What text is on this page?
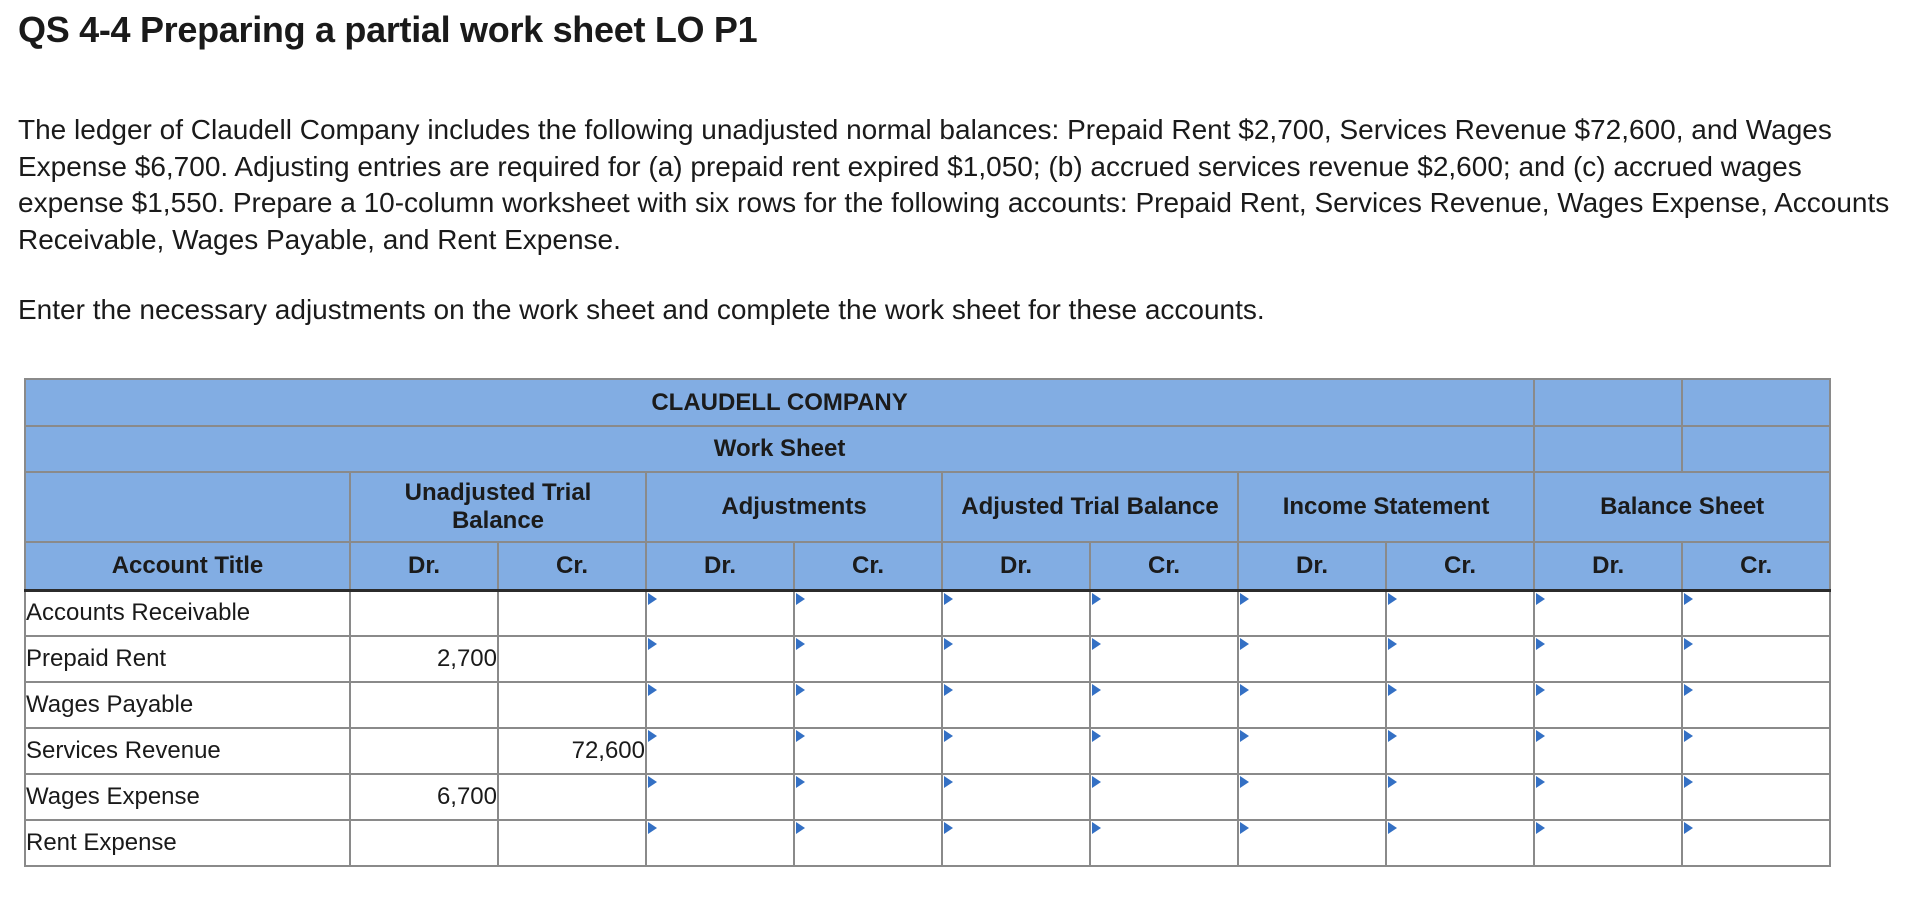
QS 4-4 Preparing a partial work sheet LO P1

The ledger of Claudell Company includes the following unadjusted normal balances: Prepaid Rent $2,700, Services Revenue $72,600, and Wages Expense $6,700. Adjusting entries are required for (a) prepaid rent expired $1,050; (b) accrued services revenue $2,600; and (c) accrued wages expense $1,550. Prepare a 10-column worksheet with six rows for the following accounts: Prepaid Rent, Services Revenue, Wages Expense, Accounts Receivable, Wages Payable, and Rent Expense.

Enter the necessary adjustments on the work sheet and complete the work sheet for these accounts.

CLAUDELL COMPANY										
Work Sheet										

	Unadjusted Trial Balance		Adjustments		Adjusted Trial Balance		Income Statement		Balance Sheet	
Account Title	Dr.	Cr.	Dr.	Cr.	Dr.	Cr.	Dr.	Cr.	Dr.	Cr.
Accounts Receivable			

Prepaid Rent	2,700		

Wages Payable			

Services Revenue		72,600	

Wages Expense	6,700		

Rent Expense			
